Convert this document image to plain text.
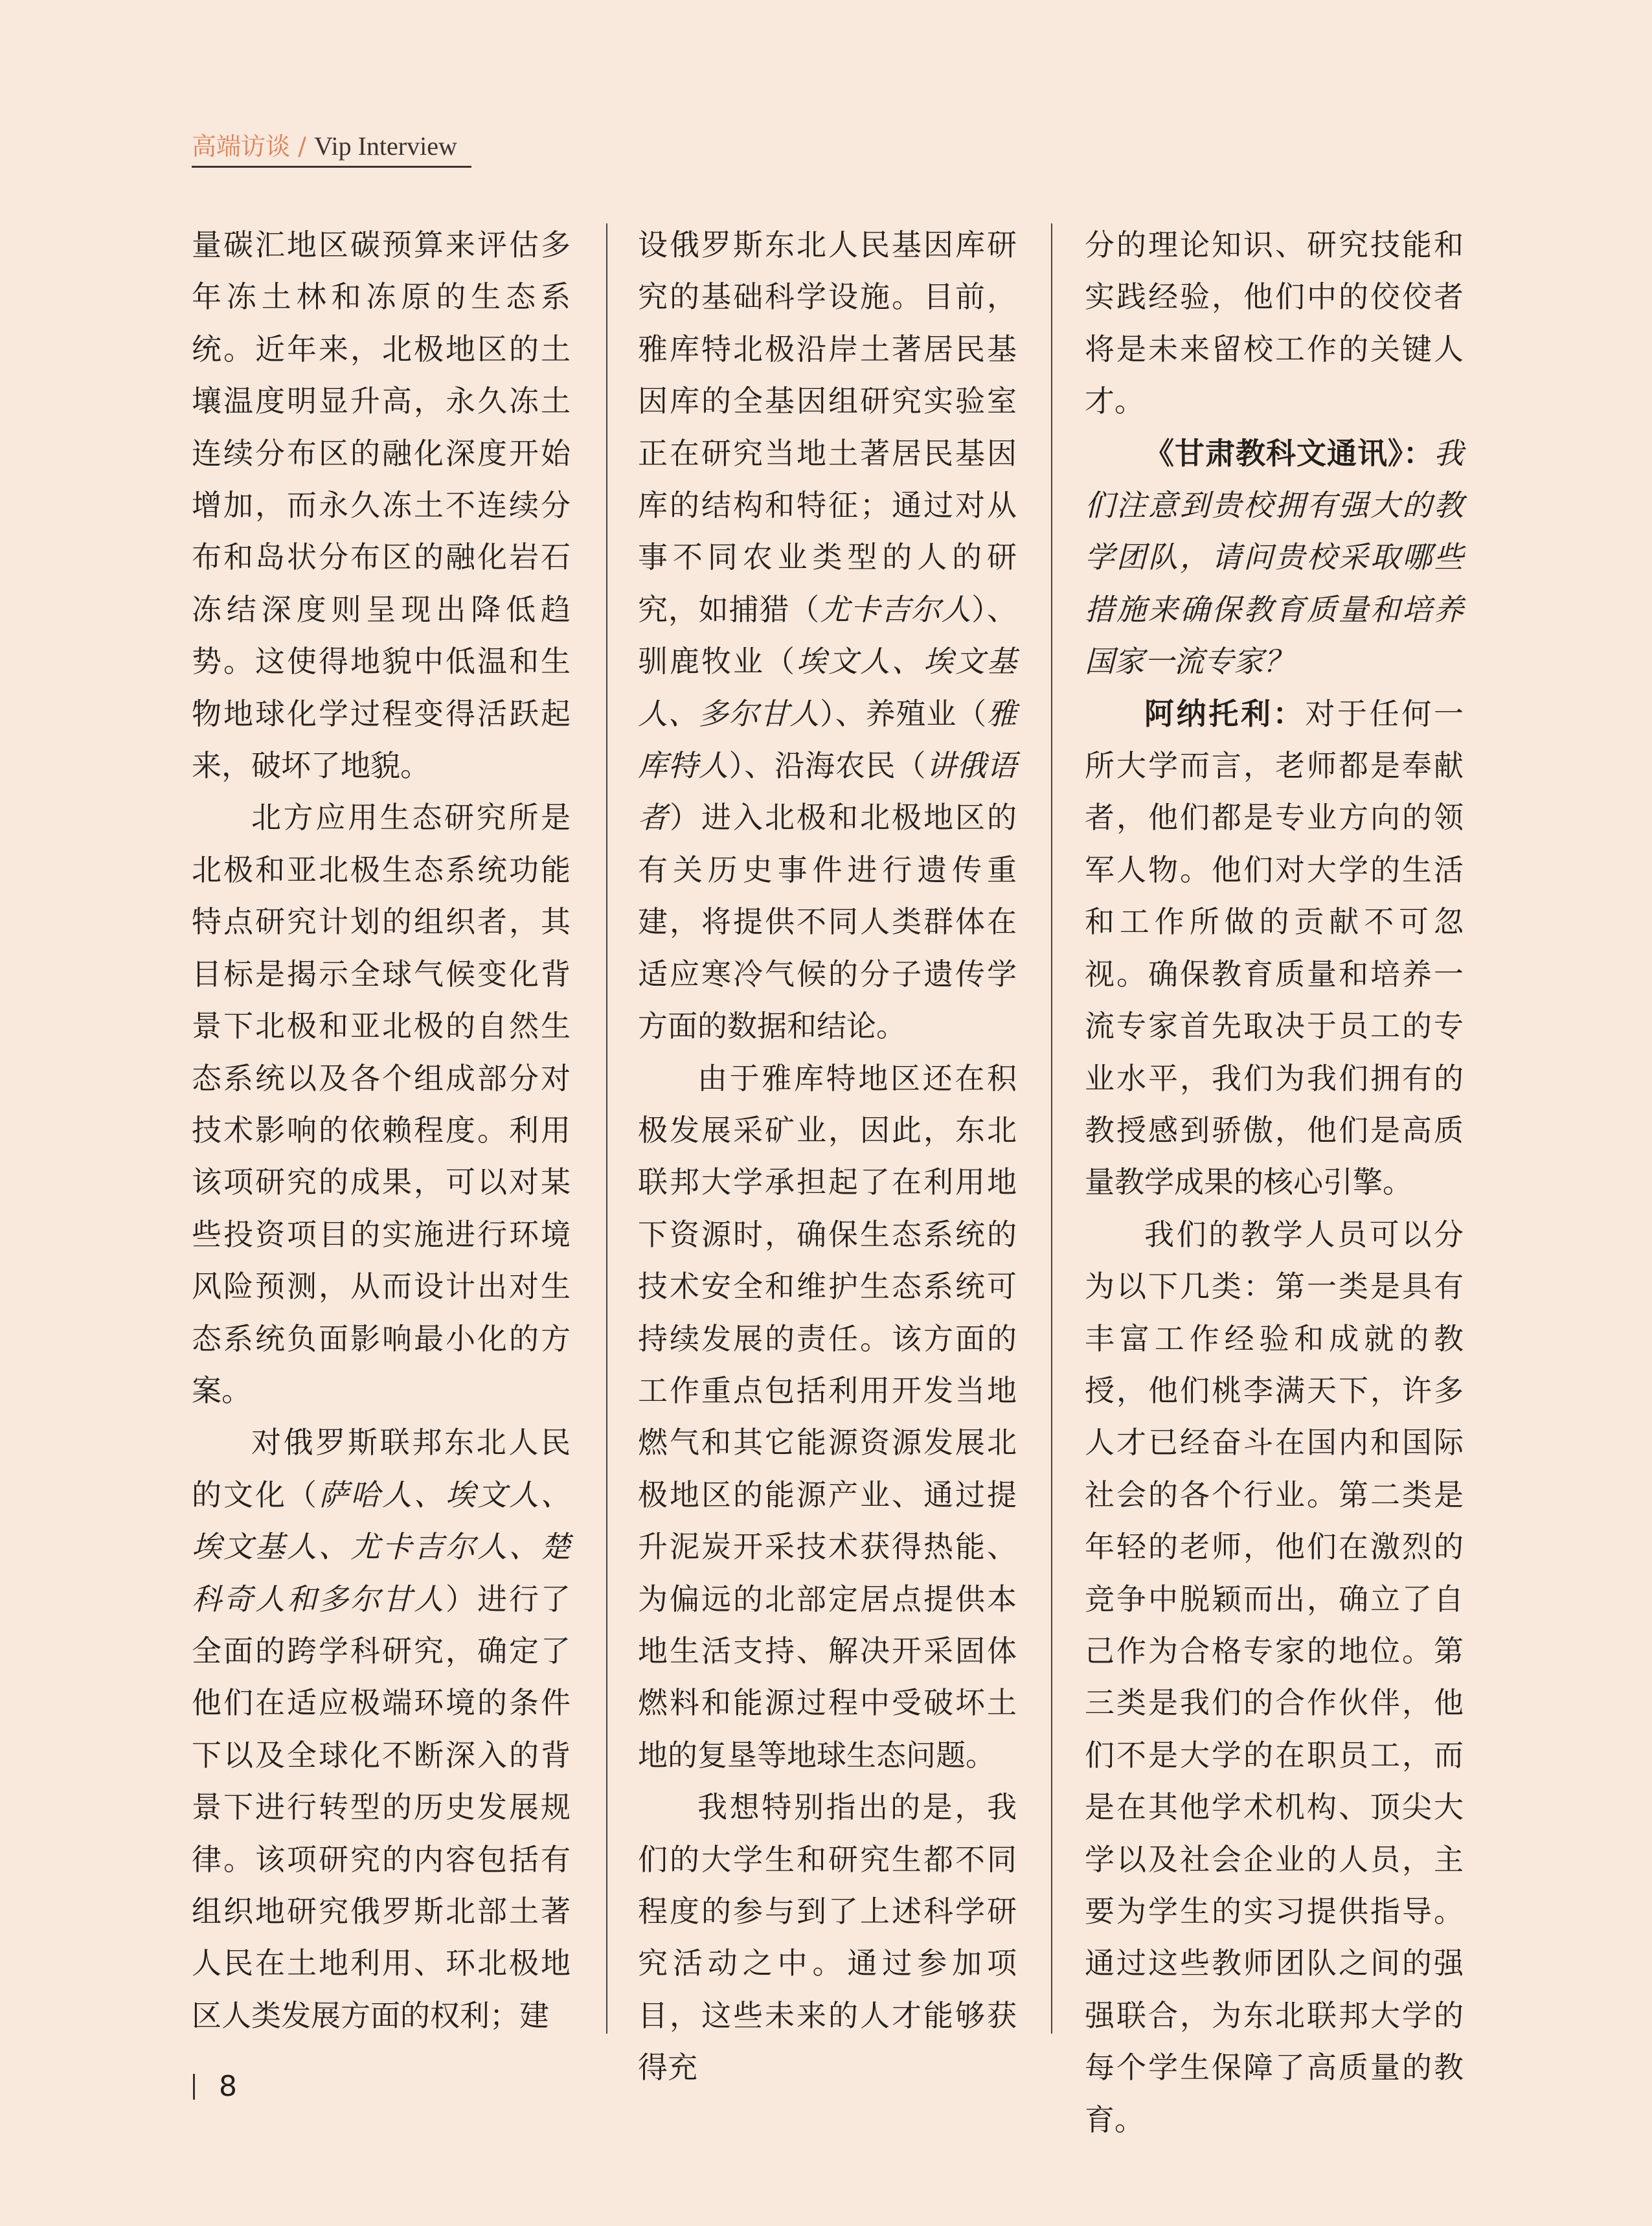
高端访谈 / Vip Interview

量碳汇地区碳预算来评估多年冻土林和冻原的生态系统。近年来，北极地区的土壤温度明显升高，永久冻土连续分布区的融化深度开始增加，而永久冻土不连续分布和岛状分布区的融化岩石冻结深度则呈现出降低趋势。这使得地貌中低温和生物地球化学过程变得活跃起来，破坏了地貌。

北方应用生态研究所是北极和亚北极生态系统功能特点研究计划的组织者，其目标是揭示全球气候变化背景下北极和亚北极的自然生态系统以及各个组成部分对技术影响的依赖程度。利用该项研究的成果，可以对某些投资项目的实施进行环境风险预测，从而设计出对生态系统负面影响最小化的方案。

对俄罗斯联邦东北人民的文化（萨哈人、埃文人、埃文基人、尤卡吉尔人、楚科奇人和多尔甘人）进行了全面的跨学科研究，确定了他们在适应极端环境的条件下以及全球化不断深入的背景下进行转型的历史发展规律。该项研究的内容包括有组织地研究俄罗斯北部土著人民在土地利用、环北极地区人类发展方面的权利；建

设俄罗斯东北人民基因库研究的基础科学设施。目前，雅库特北极沿岸土著居民基因库的全基因组研究实验室正在研究当地土著居民基因库的结构和特征；通过对从事不同农业类型的人的研究，如捕猎（尤卡吉尔人）、驯鹿牧业（埃文人、埃文基人、多尔甘人）、养殖业（雅库特人）、沿海农民（讲俄语者）进入北极和北极地区的有关历史事件进行遗传重建，将提供不同人类群体在适应寒冷气候的分子遗传学方面的数据和结论。

由于雅库特地区还在积极发展采矿业，因此，东北联邦大学承担起了在利用地下资源时，确保生态系统的技术安全和维护生态系统可持续发展的责任。该方面的工作重点包括利用开发当地燃气和其它能源资源发展北极地区的能源产业、通过提升泥炭开采技术获得热能、为偏远的北部定居点提供本地生活支持、解决开采固体燃料和能源过程中受破坏土地的复垦等地球生态问题。

我想特别指出的是，我们的大学生和研究生都不同程度的参与到了上述科学研究活动之中。通过参加项目，这些未来的人才能够获得充

分的理论知识、研究技能和实践经验，他们中的佼佼者将是未来留校工作的关键人才。

《甘肃教科文通讯》：我们注意到贵校拥有强大的教学团队，请问贵校采取哪些措施来确保教育质量和培养国家一流专家？

阿纳托利：对于任何一所大学而言，老师都是奉献者，他们都是专业方向的领军人物。他们对大学的生活和工作所做的贡献不可忽视。确保教育质量和培养一流专家首先取决于员工的专业水平，我们为我们拥有的教授感到骄傲，他们是高质量教学成果的核心引擎。

我们的教学人员可以分为以下几类：第一类是具有丰富工作经验和成就的教授，他们桃李满天下，许多人才已经奋斗在国内和国际社会的各个行业。第二类是年轻的老师，他们在激烈的竞争中脱颖而出，确立了自己作为合格专家的地位。第三类是我们的合作伙伴，他们不是大学的在职员工，而是在其他学术机构、顶尖大学以及社会企业的人员，主要为学生的实习提供指导。通过这些教师团队之间的强强联合，为东北联邦大学的每个学生保障了高质量的教育。

8
